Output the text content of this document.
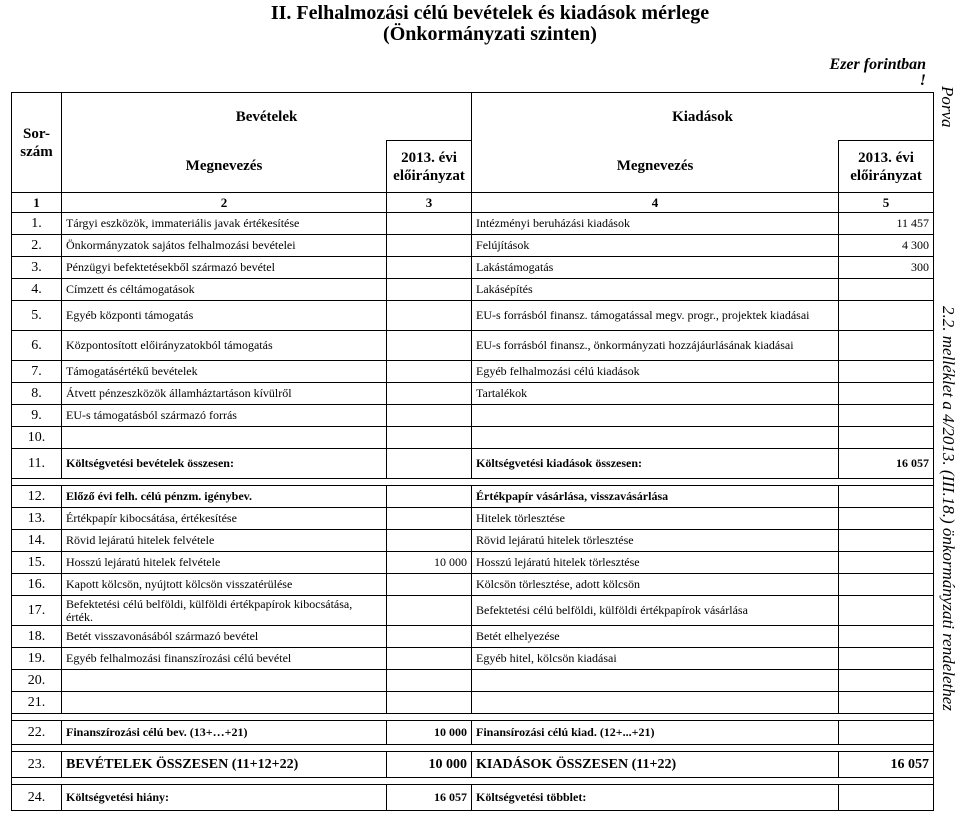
II. Felhalmozási célú bevételek és kiadások mérlege
(Önkormányzati szinten)
Ezer forintban
!
Porva
2.2. melléklet a 4/2013. (III.18.) önkormányzati rendelethez
Sor-szám	Bevételek		Kiadások	
	Megnevezés	2013. évi előirányzat	Megnevezés	2013. évi előirányzat
1	2	3	4	5
1.	Tárgyi eszközök, immateriális javak értékesítése		Intézményi beruházási kiadások	11 457
2.	Önkormányzatok sajátos felhalmozási bevételei		Felújítások	4 300
3.	Pénzügyi befektetésekből származó bevétel		Lakástámogatás	300
4.	Címzett és céltámogatások		Lakásépítés	
5.	Egyéb központi támogatás		EU-s forrásból finansz. támogatással megv. progr., projektek kiadásai	
6.	Központosított előirányzatokból támogatás		EU-s forrásból finansz., önkormányzati hozzájáurlásának kiadásai	
7.	Támogatásértékű bevételek		Egyéb felhalmozási célú kiadások	
8.	Átvett pénzeszközök államháztartáson kívülről		Tartalékok	
9.	EU-s támogatásból származó forrás			
10.				
11.	Költségvetési bevételek összesen:		Költségvetési kiadások összesen:	16 057

12.	Előző évi felh. célú pénzm. igénybev.		Értékpapír vásárlása, visszavásárlása	
13.	Értékpapír kibocsátása, értékesítése		Hitelek törlesztése	
14.	Rövid lejáratú hitelek felvétele		Rövid lejáratú hitelek törlesztése	
15.	Hosszú lejáratú hitelek felvétele	10 000	Hosszú lejáratú hitelek törlesztése	
16.	Kapott kölcsön, nyújtott kölcsön visszatérülése		Kölcsön törlesztése, adott kölcsön	
17.	Befektetési célú belföldi, külföldi értékpapírok kibocsátása, érték.		Befektetési célú belföldi, külföldi értékpapírok vásárlása	
18.	Betét visszavonásából származó bevétel		Betét elhelyezése	
19.	Egyéb felhalmozási finanszírozási célú bevétel		Egyéb hitel, kölcsön kiadásai	
20.				
21.				

22.	Finanszírozási célú bev. (13+…+21)	10 000	Finansírozási célú kiad. (12+...+21)	

23.	BEVÉTELEK ÖSSZESEN (11+12+22)	10 000	KIADÁSOK ÖSSZESEN (11+22)	16 057

24.	Költségvetési hiány:	16 057	Költségvetési többlet:	
